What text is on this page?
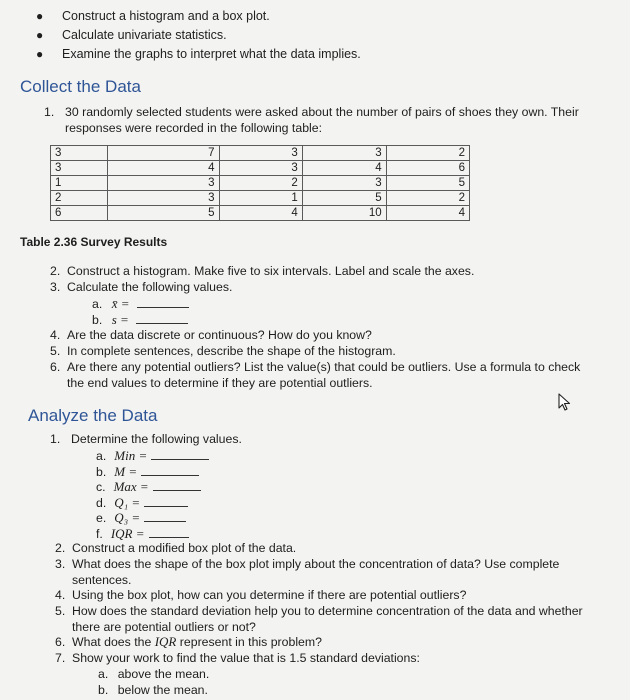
●	Construct a histogram and a box plot.
●	Calculate univariate statistics.
●	Examine the graphs to interpret what the data implies.
Collect the Data
1. 30 randomly selected students were asked about the number of pairs of shoes they own. Their
responses were recorded in the following table:
3	7	3	3	2
3	4	3	4	6
1	3	2	3	5
2	3	1	5	2
6	5	4	10	4
Table 2.36 Survey Results
2. Construct a histogram. Make five to six intervals. Label and scale the axes.
3. Calculate the following values.
a. x̄ =
b. s =
4. Are the data discrete or continuous? How do you know?
5. In complete sentences, describe the shape of the histogram.
6. Are there any potential outliers? List the value(s) that could be outliers. Use a formula to check
the end values to determine if they are potential outliers.
Analyze the Data
1. Determine the following values.
a. Min =
b. M =
c. Max =
d. Q₁ =
e. Q₃ =
f. IQR =
2. Construct a modified box plot of the data.
3. What does the shape of the box plot imply about the concentration of data? Use complete
sentences.
4. Using the box plot, how can you determine if there are potential outliers?
5. How does the standard deviation help you to determine concentration of the data and whether
there are potential outliers or not?
6. What does the IQR represent in this problem?
7. Show your work to find the value that is 1.5 standard deviations:
a. above the mean.
b. below the mean.
